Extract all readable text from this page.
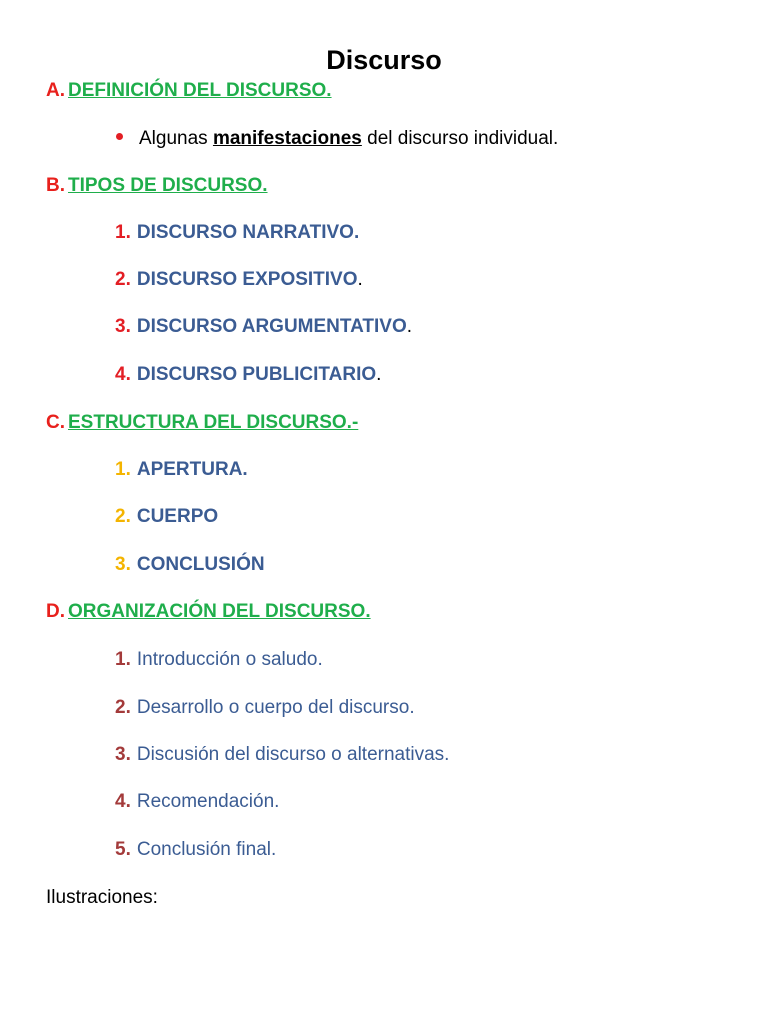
Discurso
A. DEFINICIÓN DEL DISCURSO.
Algunas manifestaciones del discurso individual.
B. TIPOS DE DISCURSO.
1. DISCURSO NARRATIVO.
2. DISCURSO EXPOSITIVO.
3. DISCURSO ARGUMENTATIVO.
4. DISCURSO PUBLICITARIO.
C. ESTRUCTURA DEL DISCURSO.-
1. APERTURA.
2. CUERPO
3. CONCLUSIÓN
D. ORGANIZACIÓN DEL DISCURSO.
1. Introducción o saludo.
2. Desarrollo o cuerpo del discurso.
3. Discusión del discurso o alternativas.
4. Recomendación.
5. Conclusión final.
Ilustraciones:
